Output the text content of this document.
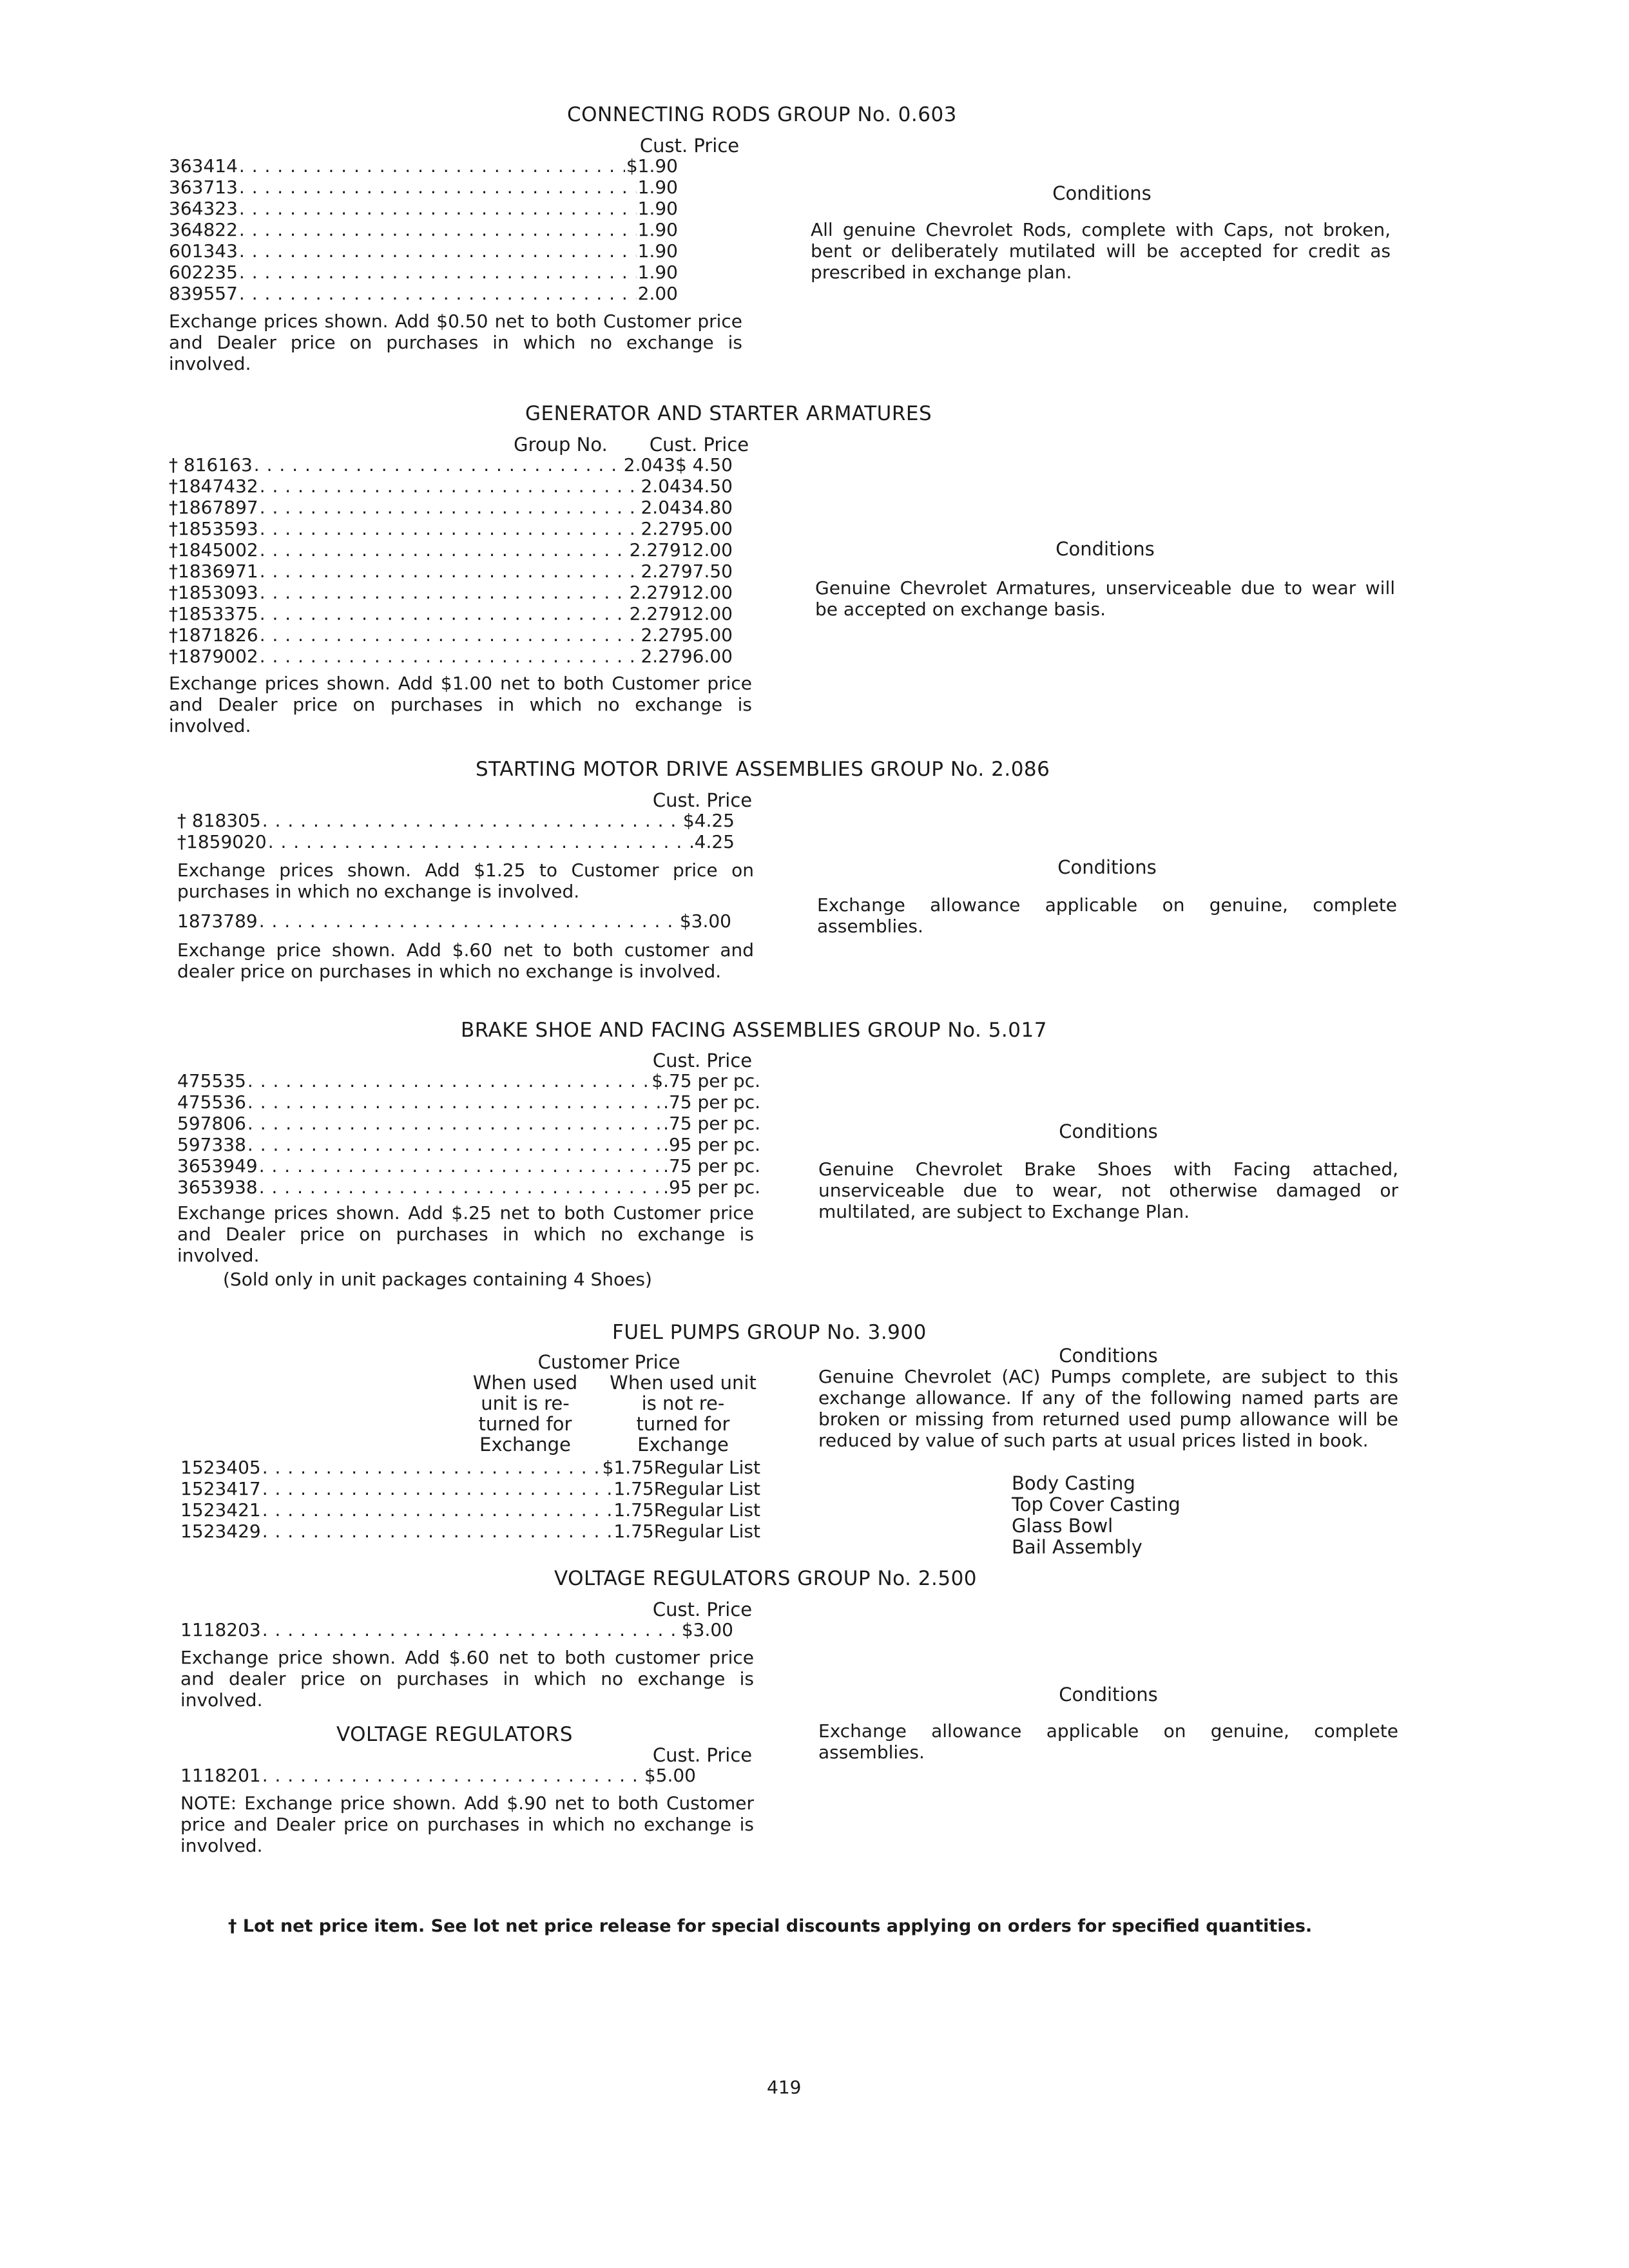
CONNECTING RODS GROUP No. 0.603
Cust. Price
363414 . . .	$1.90
363713 . . .	1.90
364323 . . .	1.90
364822 . . .	1.90
601343 . . .	1.90
602235 . . .	1.90
839557 . . .	2.00
Exchange prices shown. Add $0.50 net to both Customer price and Dealer price on purchases in which no exchange is involved.
Conditions
All genuine Chevrolet Rods, complete with Caps, not broken, bent or deliberately mutilated will be accepted for credit as prescribed in exchange plan.
GENERATOR AND STARTER ARMATURES
Group No.	Cust. Price
† 816163 . . .	2.043 $ 4.50
†1847432 . . .	2.043 4.50
†1867897 . . .	2.043 4.80
†1853593 . . .	2.279 5.00
†1845002 . . .	2.279 12.00
†1836971 . . .	2.279 7.50
†1853093 . . .	2.279 12.00
†1853375 . . .	2.279 12.00
†1871826 . . .	2.279 5.00
†1879002 . . .	2.279 6.00
Exchange prices shown. Add $1.00 net to both Customer price and Dealer price on purchases in which no exchange is involved.
Conditions
Genuine Chevrolet Armatures, unserviceable due to wear will be accepted on exchange basis.
STARTING MOTOR DRIVE ASSEMBLIES GROUP No. 2.086
Cust. Price
† 818305 . . .	$4.25
†1859020 . . .	4.25
Exchange prices shown. Add $1.25 to Customer price on purchases in which no exchange is involved.
1873789 . . .	$3.00
Exchange price shown. Add $.60 net to both customer and dealer price on purchases in which no exchange is involved.
Conditions
Exchange allowance applicable on genuine, complete assemblies.
BRAKE SHOE AND FACING ASSEMBLIES GROUP No. 5.017
Cust. Price
475535 . . .	$.75 per pc.
475536 . . .	.75 per pc.
597806 . . .	.75 per pc.
597338 . . .	.95 per pc.
3653949 . . .	.75 per pc.
3653938 . . .	.95 per pc.
Exchange prices shown. Add $.25 net to both Customer price and Dealer price on purchases in which no exchange is involved.
(Sold only in unit packages containing 4 Shoes)
Conditions
Genuine Chevrolet Brake Shoes with Facing attached, unserviceable due to wear, not otherwise damaged or multilated, are subject to Exchange Plan.
FUEL PUMPS GROUP No. 3.900
Customer Price
When used
unit is re-
turned for
Exchange
When used unit
is not re-
turned for
Exchange
1523405 . . .	$1.75 Regular List
1523417 . . .	1.75 Regular List
1523421 . . .	1.75 Regular List
1523429 . . .	1.75 Regular List
Conditions
Genuine Chevrolet (AC) Pumps complete, are subject to this exchange allowance. If any of the following named parts are broken or missing from returned used pump allowance will be reduced by value of such parts at usual prices listed in book.
Body Casting
Top Cover Casting
Glass Bowl
Bail Assembly
VOLTAGE REGULATORS GROUP No. 2.500
Cust. Price
1118203 . . .	$3.00
Exchange price shown. Add $.60 net to both customer price and dealer price on purchases in which no exchange is involved.
VOLTAGE REGULATORS
Cust. Price
1118201 . . .	$5.00
NOTE: Exchange price shown. Add $.90 net to both Customer price and Dealer price on purchases in which no exchange is involved.
Conditions
Exchange allowance applicable on genuine, complete assemblies.
† Lot net price item. See lot net price release for special discounts applying on orders for specified quantities.
419
